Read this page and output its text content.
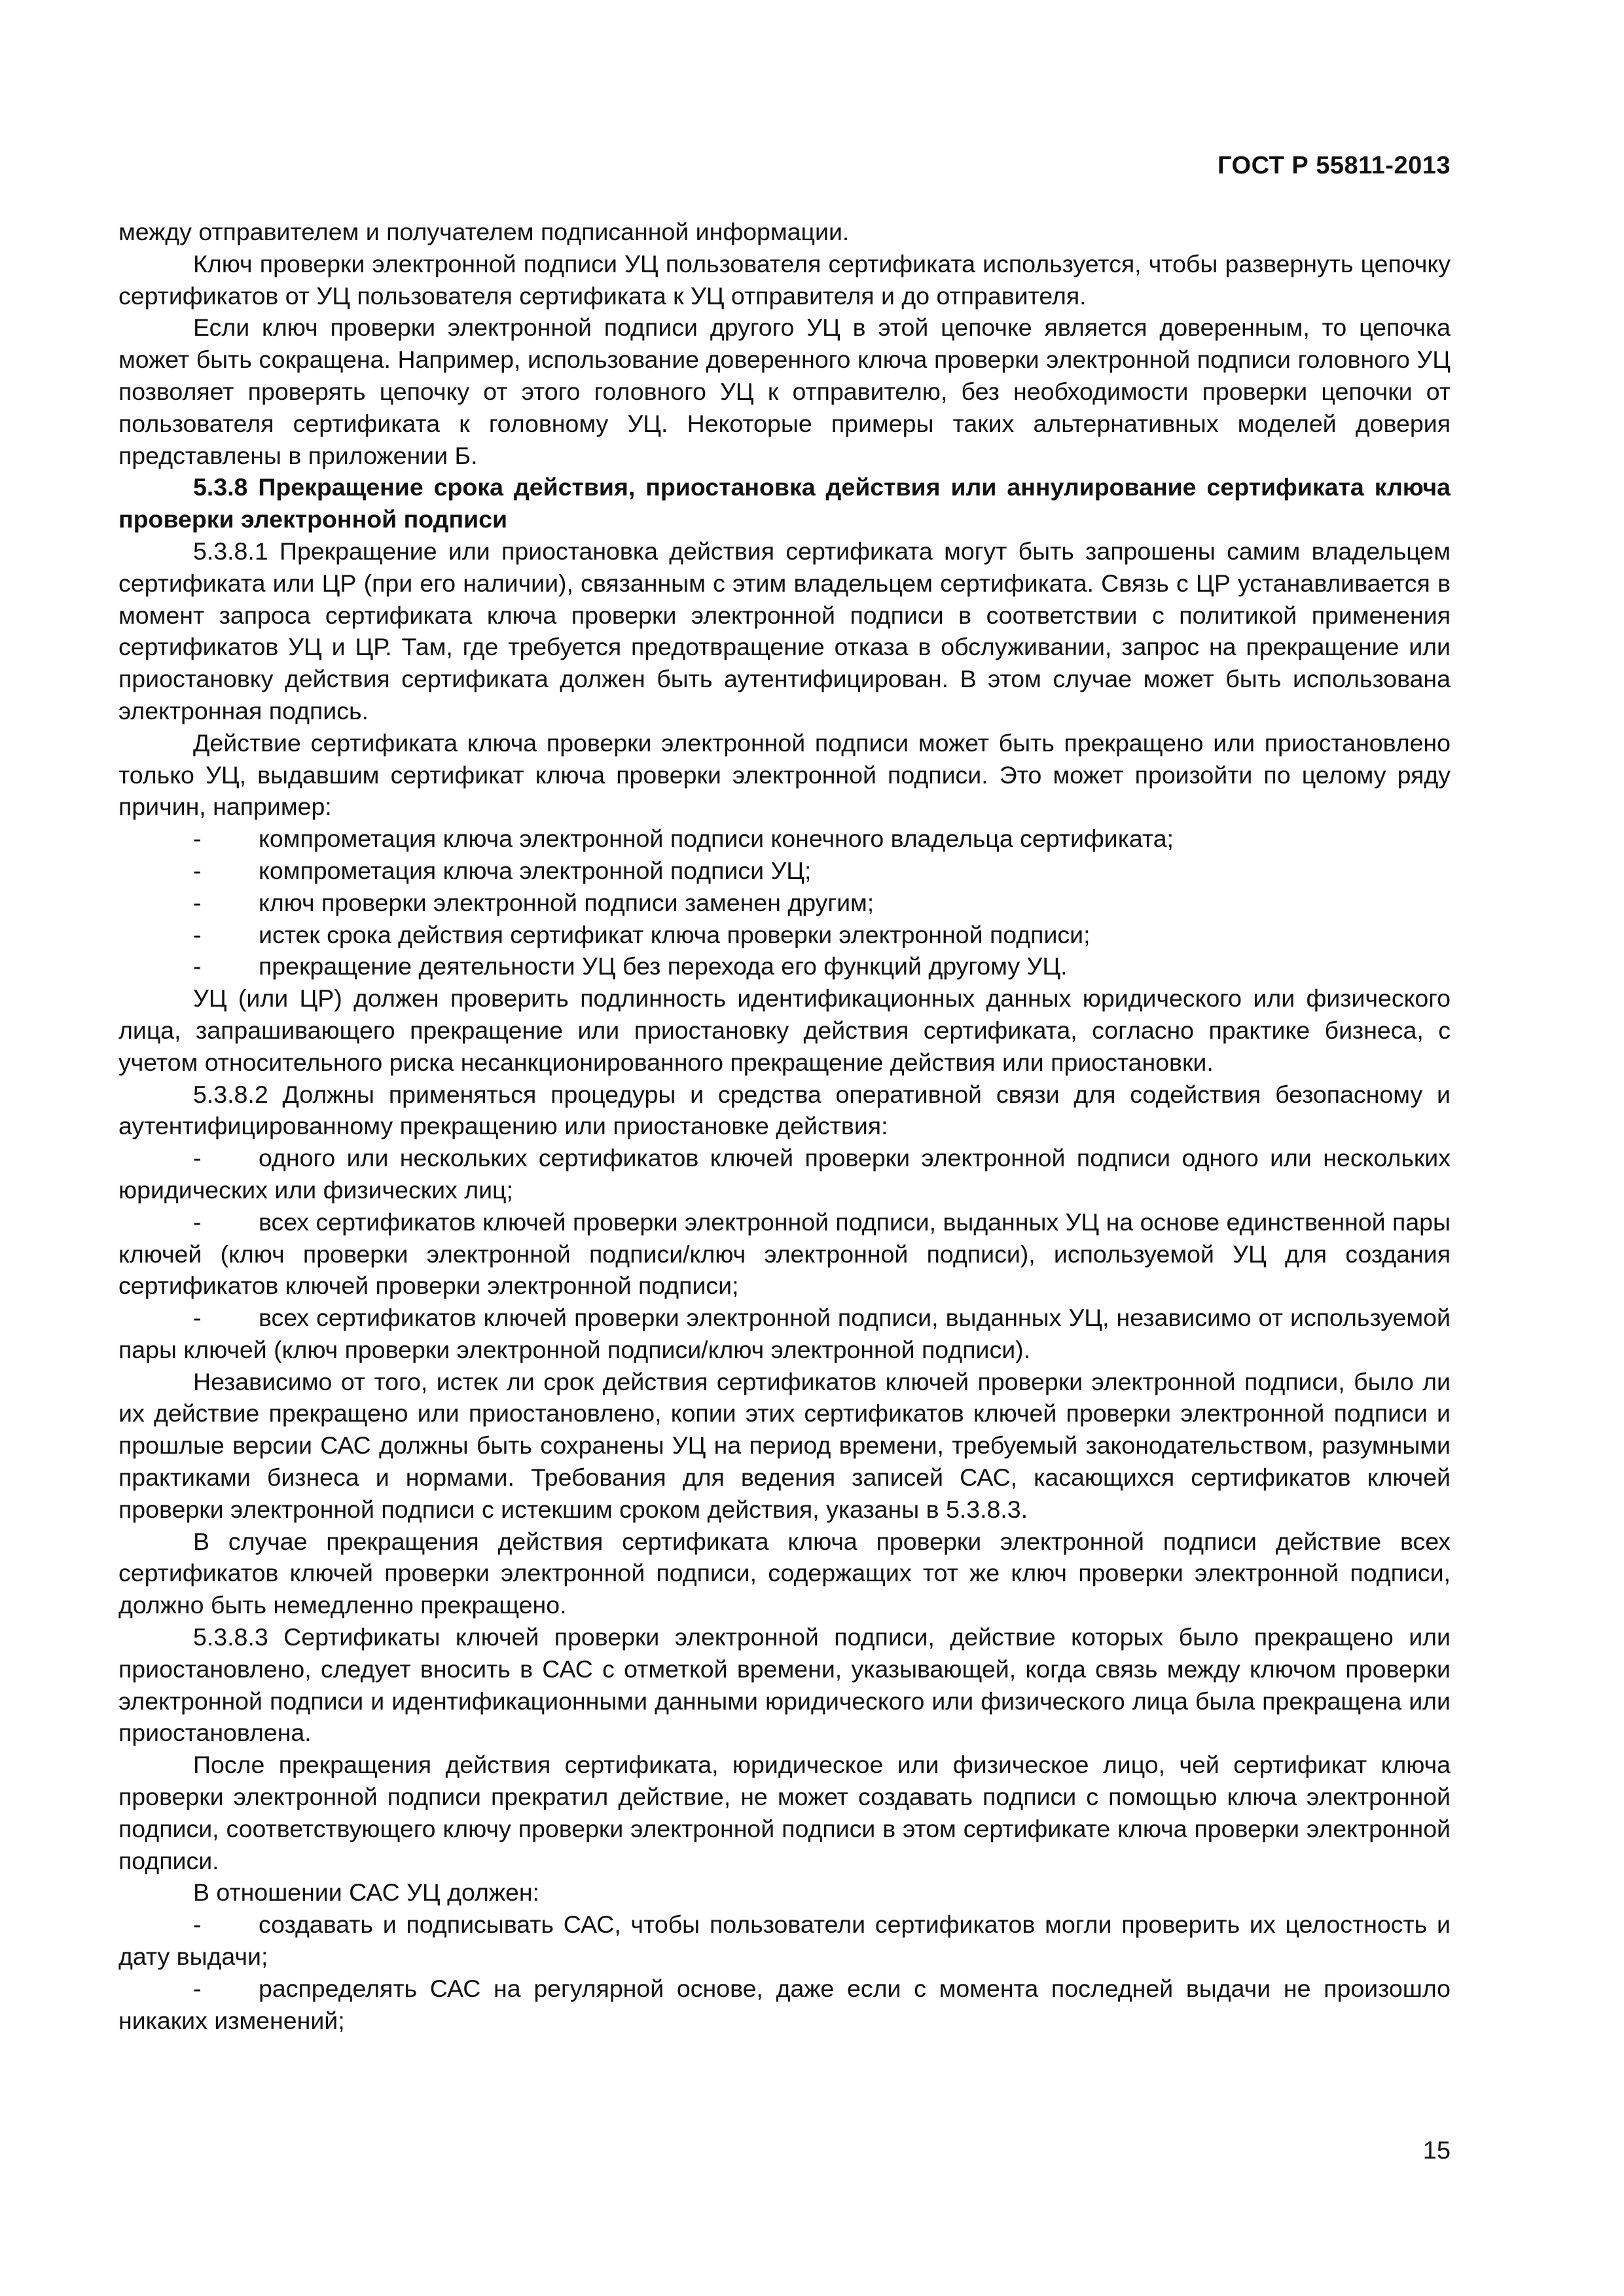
ГОСТ Р 55811-2013

между отправителем и получателем подписанной информации.

Ключ проверки электронной подписи УЦ пользователя сертификата используется, чтобы развернуть цепочку сертификатов от УЦ пользователя сертификата к УЦ отправителя и до отправителя.

Если ключ проверки электронной подписи другого УЦ в этой цепочке является доверенным, то цепочка может быть сокращена. Например, использование доверенного ключа проверки электронной подписи головного УЦ позволяет проверять цепочку от этого головного УЦ к отправителю, без необходимости проверки цепочки от пользователя сертификата к головному УЦ. Некоторые примеры таких альтернативных моделей доверия представлены в приложении Б.

5.3.8 Прекращение срока действия, приостановка действия или аннулирование сертификата ключа проверки электронной подписи

5.3.8.1 Прекращение или приостановка действия сертификата могут быть запрошены самим владельцем сертификата или ЦР (при его наличии), связанным с этим владельцем сертификата. Связь с ЦР устанавливается в момент запроса сертификата ключа проверки электронной подписи в соответствии с политикой применения сертификатов УЦ и ЦР. Там, где требуется предотвращение отказа в обслуживании, запрос на прекращение или приостановку действия сертификата должен быть аутентифицирован. В этом случае может быть использована электронная подпись.

Действие сертификата ключа проверки электронной подписи может быть прекращено или приостановлено только УЦ, выдавшим сертификат ключа проверки электронной подписи. Это может произойти по целому ряду причин, например:

- компрометация ключа электронной подписи конечного владельца сертификата;

- компрометация ключа электронной подписи УЦ;

- ключ проверки электронной подписи заменен другим;

- истек срока действия сертификат ключа проверки электронной подписи;

- прекращение деятельности УЦ без перехода его функций другому УЦ.

УЦ (или ЦР) должен проверить подлинность идентификационных данных юридического или физического лица, запрашивающего прекращение или приостановку действия сертификата, согласно практике бизнеса, с учетом относительного риска несанкционированного прекращение действия или приостановки.

5.3.8.2 Должны применяться процедуры и средства оперативной связи для содействия безопасному и аутентифицированному прекращению или приостановке действия:

- одного или нескольких сертификатов ключей проверки электронной подписи одного или нескольких юридических или физических лиц;

- всех сертификатов ключей проверки электронной подписи, выданных УЦ на основе единственной пары ключей (ключ проверки электронной подписи/ключ электронной подписи), используемой УЦ для создания сертификатов ключей проверки электронной подписи;

- всех сертификатов ключей проверки электронной подписи, выданных УЦ, независимо от используемой пары ключей (ключ проверки электронной подписи/ключ электронной подписи).

Независимо от того, истек ли срок действия сертификатов ключей проверки электронной подписи, было ли их действие прекращено или приостановлено, копии этих сертификатов ключей проверки электронной подписи и прошлые версии САС должны быть сохранены УЦ на период времени, требуемый законодательством, разумными практиками бизнеса и нормами. Требования для ведения записей САС, касающихся сертификатов ключей проверки электронной подписи с истекшим сроком действия, указаны в 5.3.8.3.

В случае прекращения действия сертификата ключа проверки электронной подписи действие всех сертификатов ключей проверки электронной подписи, содержащих тот же ключ проверки электронной подписи, должно быть немедленно прекращено.

5.3.8.3 Сертификаты ключей проверки электронной подписи, действие которых было прекращено или приостановлено, следует вносить в САС с отметкой времени, указывающей, когда связь между ключом проверки электронной подписи и идентификационными данными юридического или физического лица была прекращена или приостановлена.

После прекращения действия сертификата, юридическое или физическое лицо, чей сертификат ключа проверки электронной подписи прекратил действие, не может создавать подписи с помощью ключа электронной подписи, соответствующего ключу проверки электронной подписи в этом сертификате ключа проверки электронной подписи.

В отношении САС УЦ должен:

- создавать и подписывать САС, чтобы пользователи сертификатов могли проверить их целостность и дату выдачи;

- распределять САС на регулярной основе, даже если с момента последней выдачи не произошло никаких изменений;

15
